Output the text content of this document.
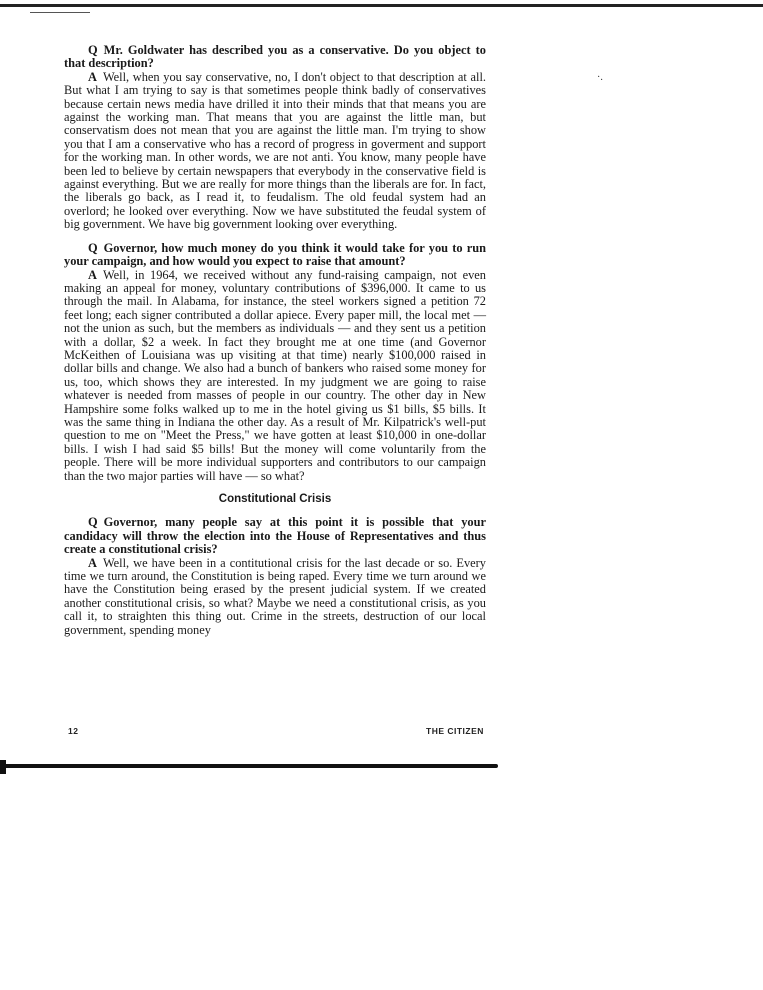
·.

Q Mr. Goldwater has described you as a conservative. Do you object to that description?

A Well, when you say conservative, no, I don't object to that description at all. But what I am trying to say is that sometimes people think badly of conservatives because certain news media have drilled it into their minds that that means you are against the working man. That means that you are against the little man, but conservatism does not mean that you are against the little man. I'm trying to show you that I am a conservative who has a record of progress in goverment and support for the working man. In other words, we are not anti. You know, many people have been led to believe by certain newspapers that everybody in the conservative field is against everything. But we are really for more things than the liberals are for. In fact, the liberals go back, as I read it, to feudalism. The old feudal system had an overlord; he looked over everything. Now we have substituted the feudal system of big government. We have big government looking over everything.

Q Governor, how much money do you think it would take for you to run your campaign, and how would you expect to raise that amount?

A Well, in 1964, we received without any fund-raising campaign, not even making an appeal for money, voluntary contributions of $396,000. It came to us through the mail. In Alabama, for instance, the steel workers signed a petition 72 feet long; each signer contributed a dollar apiece. Every paper mill, the local met — not the union as such, but the members as individuals — and they sent us a petition with a dollar, $2 a week. In fact they brought me at one time (and Governor McKeithen of Louisiana was up visiting at that time) nearly $100,000 raised in dollar bills and change. We also had a bunch of bankers who raised some money for us, too, which shows they are interested. In my judgment we are going to raise whatever is needed from masses of people in our country. The other day in New Hampshire some folks walked up to me in the hotel giving us $1 bills, $5 bills. It was the same thing in Indiana the other day. As a result of Mr. Kilpatrick's well-put question to me on "Meet the Press," we have gotten at least $10,000 in one-dollar bills. I wish I had said $5 bills! But the money will come voluntarily from the people. There will be more individual supporters and contributors to our campaign than the two major parties will have — so what?

Constitutional Crisis

Q Governor, many people say at this point it is possible that your candidacy will throw the election into the House of Representatives and thus create a constitutional crisis?

A Well, we have been in a contitutional crisis for the last decade or so. Every time we turn around, the Constitution is being raped. Every time we turn around we have the Constitution being erased by the present judicial system. If we created another constitutional crisis, so what? Maybe we need a constitutional crisis, as you call it, to straighten this thing out. Crime in the streets, destruction of our local government, spending money

12	THE CITIZEN
